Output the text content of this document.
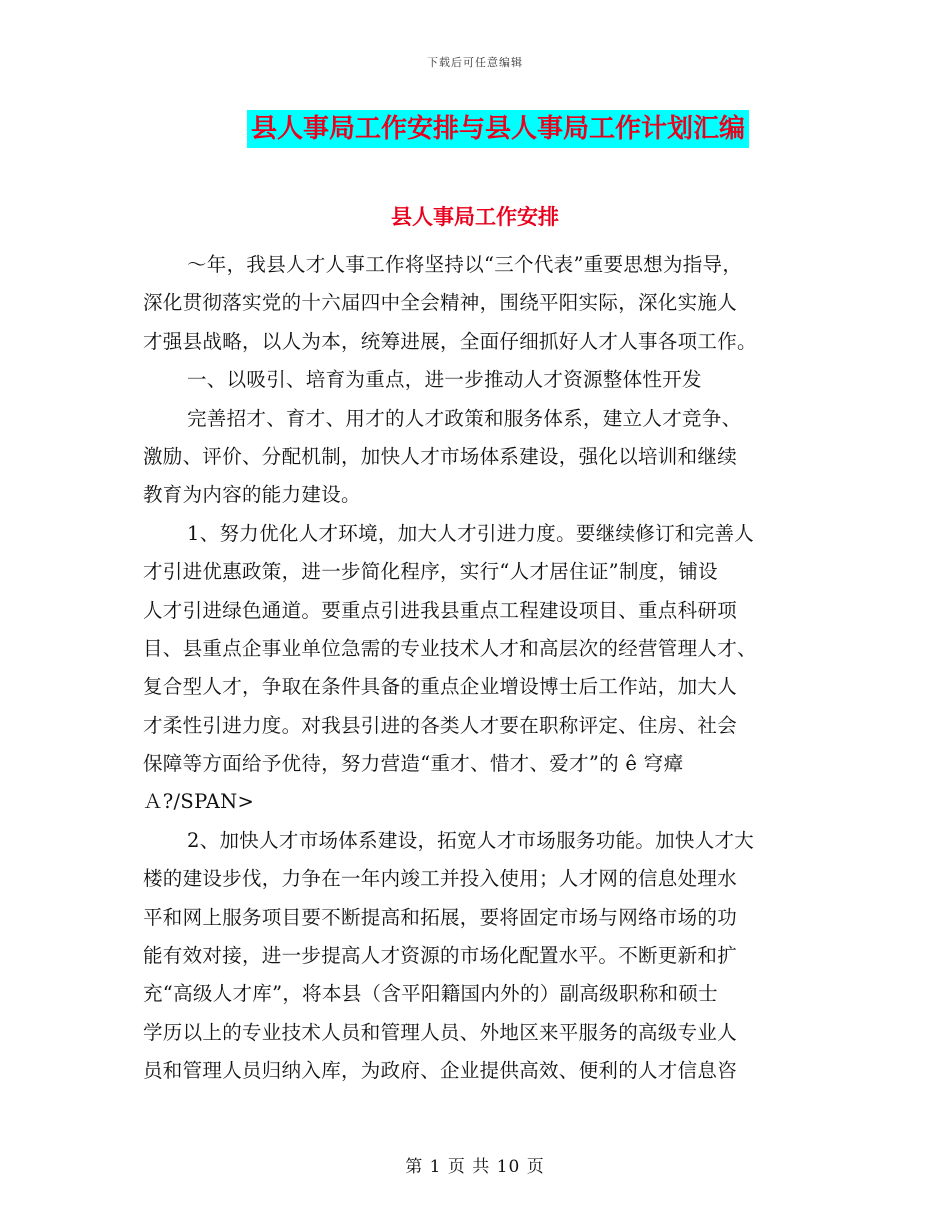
下载后可任意编辑
县人事局工作安排与县人事局工作计划汇编
县人事局工作安排
～年，我县人才人事工作将坚持以“三个代表”重要思想为指导，
深化贯彻落实党的十六届四中全会精神，围绕平阳实际，深化实施人
才强县战略，以人为本，统筹进展，全面仔细抓好人才人事各项工作。
一、以吸引、培育为重点，进一步推动人才资源整体性开发
完善招才、育才、用才的人才政策和服务体系，建立人才竞争、
激励、评价、分配机制，加快人才市场体系建设，强化以培训和继续
教育为内容的能力建设。
1、努力优化人才环境，加大人才引进力度。要继续修订和完善人
才引进优惠政策，进一步简化程序，实行“人才居住证”制度，铺设
人才引进绿色通道。要重点引进我县重点工程建设项目、重点科研项
目、县重点企事业单位急需的专业技术人才和高层次的经营管理人才、
复合型人才，争取在条件具备的重点企业增设博士后工作站，加大人
才柔性引进力度。对我县引进的各类人才要在职称评定、住房、社会
保障等方面给予优待，努力营造“重才、惜才、爱才”的 ê 穹瘴
Ａ?/SPAN>
2、加快人才市场体系建设，拓宽人才市场服务功能。加快人才大
楼的建设步伐，力争在一年内竣工并投入使用；人才网的信息处理水
平和网上服务项目要不断提高和拓展，要将固定市场与网络市场的功
能有效对接，进一步提高人才资源的市场化配置水平。不断更新和扩
充“高级人才库”，将本县（含平阳籍国内外的）副高级职称和硕士
学历以上的专业技术人员和管理人员、外地区来平服务的高级专业人
员和管理人员归纳入库，为政府、企业提供高效、便利的人才信息咨
第 1 页 共 10 页
